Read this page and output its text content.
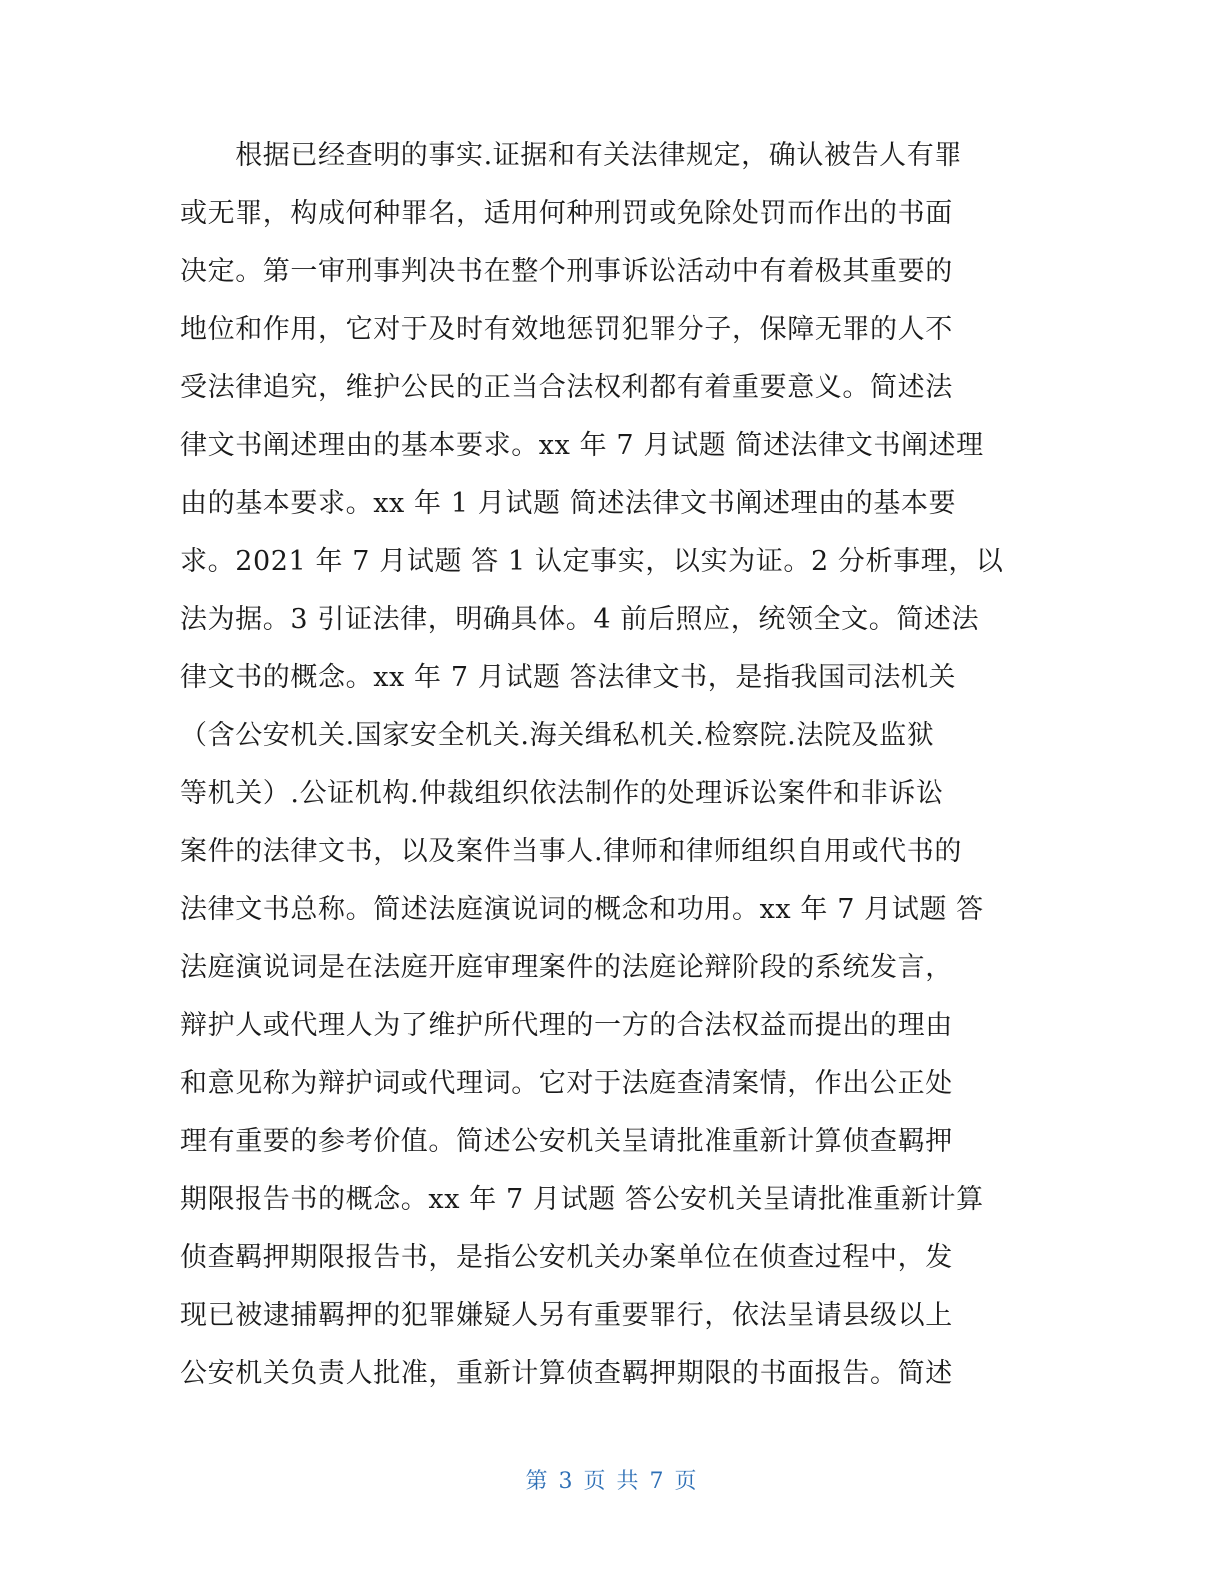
　　根据已经查明的事实.证据和有关法律规定，确认被告人有罪
或无罪，构成何种罪名，适用何种刑罚或免除处罚而作出的书面
决定。第一审刑事判决书在整个刑事诉讼活动中有着极其重要的
地位和作用，它对于及时有效地惩罚犯罪分子，保障无罪的人不
受法律追究，维护公民的正当合法权利都有着重要意义。简述法
律文书阐述理由的基本要求。xx 年 7 月试题 简述法律文书阐述理
由的基本要求。xx 年 1 月试题 简述法律文书阐述理由的基本要
求。2021 年 7 月试题 答 1 认定事实，以实为证。2 分析事理，以
法为据。3 引证法律，明确具体。4 前后照应，统领全文。简述法
律文书的概念。xx 年 7 月试题 答法律文书，是指我国司法机关
（含公安机关.国家安全机关.海关缉私机关.检察院.法院及监狱
等机关）.公证机构.仲裁组织依法制作的处理诉讼案件和非诉讼
案件的法律文书，以及案件当事人.律师和律师组织自用或代书的
法律文书总称。简述法庭演说词的概念和功用。xx 年 7 月试题 答
法庭演说词是在法庭开庭审理案件的法庭论辩阶段的系统发言，
辩护人或代理人为了维护所代理的一方的合法权益而提出的理由
和意见称为辩护词或代理词。它对于法庭查清案情，作出公正处
理有重要的参考价值。简述公安机关呈请批准重新计算侦查羁押
期限报告书的概念。xx 年 7 月试题 答公安机关呈请批准重新计算
侦查羁押期限报告书，是指公安机关办案单位在侦查过程中，发
现已被逮捕羁押的犯罪嫌疑人另有重要罪行，依法呈请县级以上
公安机关负责人批准，重新计算侦查羁押期限的书面报告。简述
第 3 页 共 7 页
